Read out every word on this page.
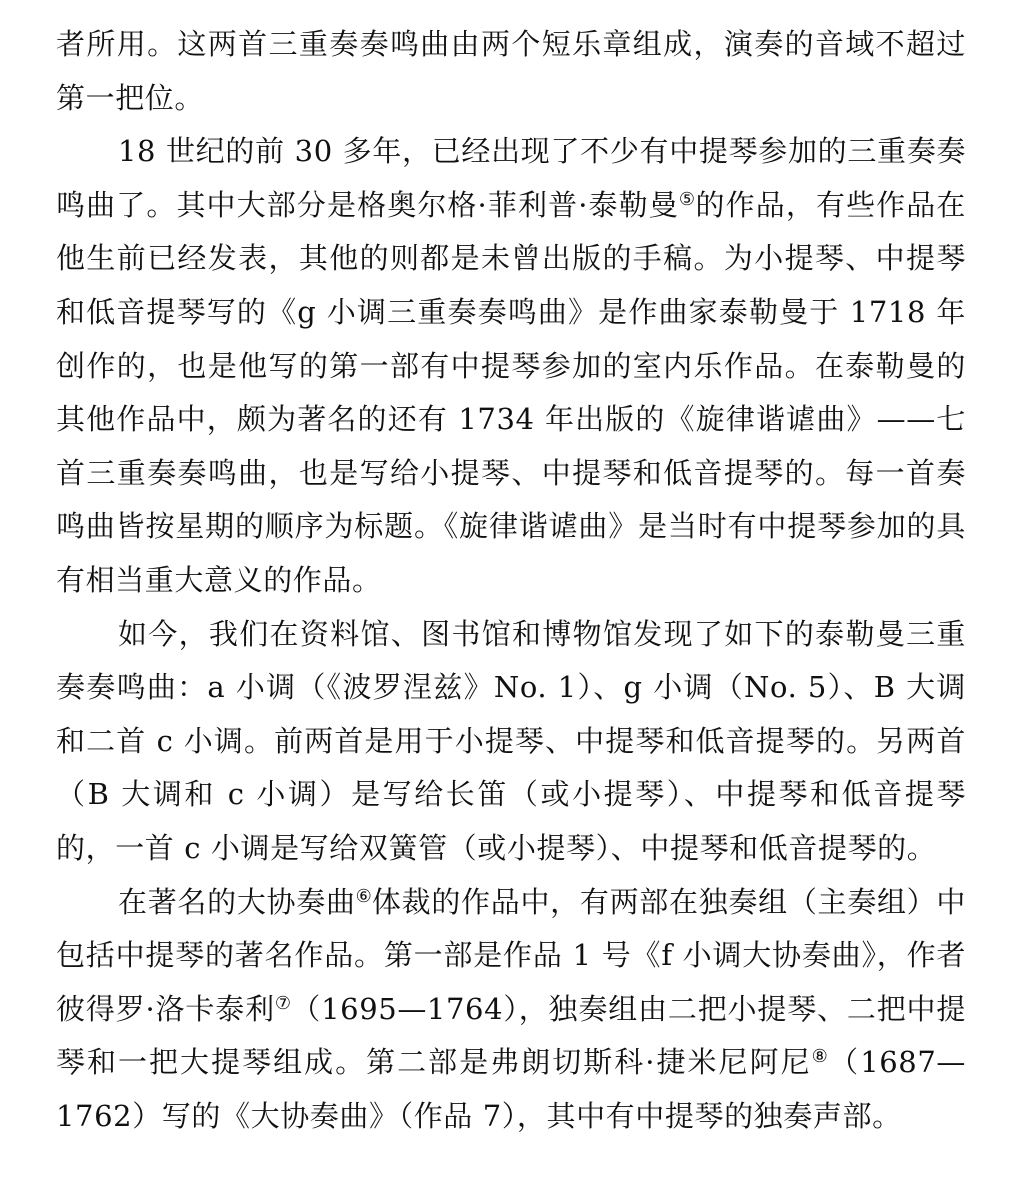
者所用。这两首三重奏奏鸣曲由两个短乐章组成，演奏的音域不超过第一把位。

18 世纪的前 30 多年，已经出现了不少有中提琴参加的三重奏奏鸣曲了。其中大部分是格奥尔格·菲利普·泰勒曼⑤的作品，有些作品在他生前已经发表，其他的则都是未曾出版的手稿。为小提琴、中提琴和低音提琴写的《g 小调三重奏奏鸣曲》是作曲家泰勒曼于 1718 年创作的，也是他写的第一部有中提琴参加的室内乐作品。在泰勒曼的其他作品中，颇为著名的还有 1734 年出版的《旋律谐谑曲》——七首三重奏奏鸣曲，也是写给小提琴、中提琴和低音提琴的。每一首奏鸣曲皆按星期的顺序为标题。《旋律谐谑曲》是当时有中提琴参加的具有相当重大意义的作品。

如今，我们在资料馆、图书馆和博物馆发现了如下的泰勒曼三重奏奏鸣曲：a 小调（《波罗涅兹》No. 1）、g 小调（No. 5）、B 大调和二首 c 小调。前两首是用于小提琴、中提琴和低音提琴的。另两首（B 大调和 c 小调）是写给长笛（或小提琴）、中提琴和低音提琴的，一首 c 小调是写给双簧管（或小提琴）、中提琴和低音提琴的。

在著名的大协奏曲⑥体裁的作品中，有两部在独奏组（主奏组）中包括中提琴的著名作品。第一部是作品 1 号《f 小调大协奏曲》，作者彼得罗·洛卡泰利⑦（1695—1764），独奏组由二把小提琴、二把中提琴和一把大提琴组成。第二部是弗朗切斯科·捷米尼阿尼⑧（1687—1762）写的《大协奏曲》（作品 7），其中有中提琴的独奏声部。
